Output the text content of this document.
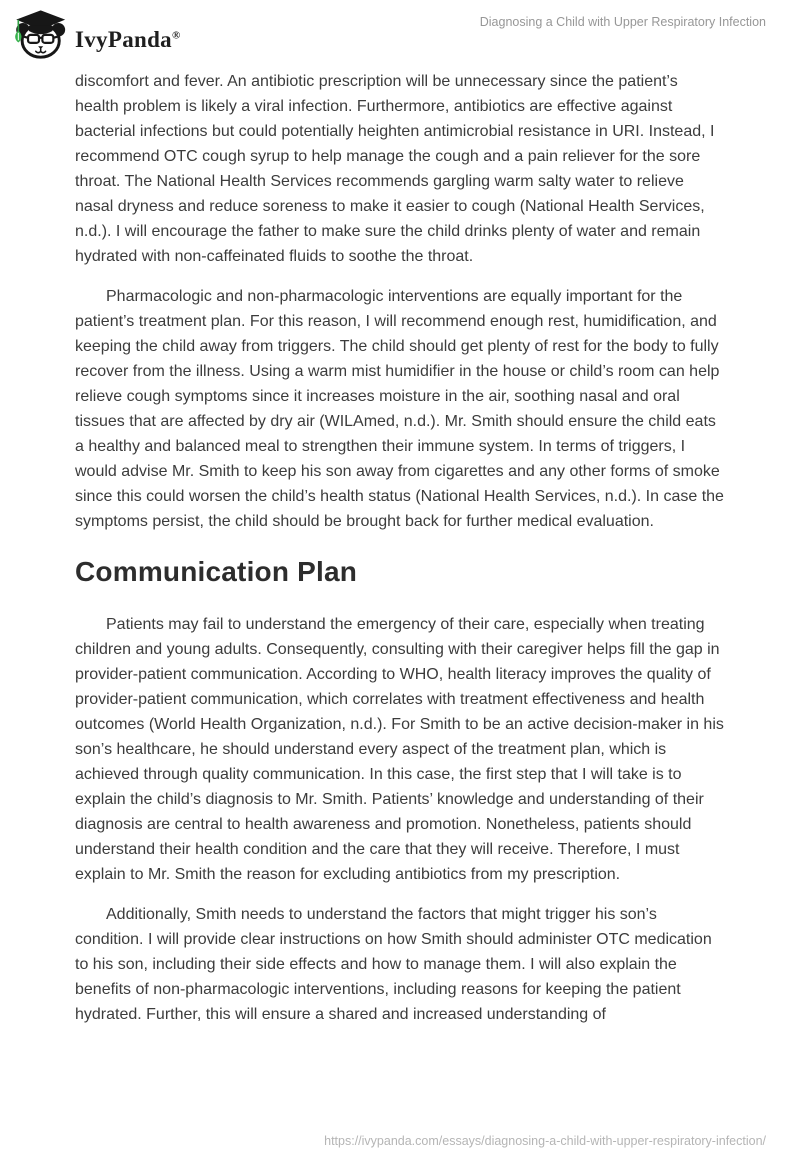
IvyPanda®
Diagnosing a Child with Upper Respiratory Infection

discomfort and fever. An antibiotic prescription will be unnecessary since the patient’s health problem is likely a viral infection. Furthermore, antibiotics are effective against bacterial infections but could potentially heighten antimicrobial resistance in URI. Instead, I recommend OTC cough syrup to help manage the cough and a pain reliever for the sore throat. The National Health Services recommends gargling warm salty water to relieve nasal dryness and reduce soreness to make it easier to cough (National Health Services, n.d.). I will encourage the father to make sure the child drinks plenty of water and remain hydrated with non-caffeinated fluids to soothe the throat.

Pharmacologic and non-pharmacologic interventions are equally important for the patient’s treatment plan. For this reason, I will recommend enough rest, humidification, and keeping the child away from triggers. The child should get plenty of rest for the body to fully recover from the illness. Using a warm mist humidifier in the house or child’s room can help relieve cough symptoms since it increases moisture in the air, soothing nasal and oral tissues that are affected by dry air (WILAmed, n.d.). Mr. Smith should ensure the child eats a healthy and balanced meal to strengthen their immune system. In terms of triggers, I would advise Mr. Smith to keep his son away from cigarettes and any other forms of smoke since this could worsen the child’s health status (National Health Services, n.d.). In case the symptoms persist, the child should be brought back for further medical evaluation.

Communication Plan

Patients may fail to understand the emergency of their care, especially when treating children and young adults. Consequently, consulting with their caregiver helps fill the gap in provider-patient communication. According to WHO, health literacy improves the quality of provider-patient communication, which correlates with treatment effectiveness and health outcomes (World Health Organization, n.d.). For Smith to be an active decision-maker in his son’s healthcare, he should understand every aspect of the treatment plan, which is achieved through quality communication. In this case, the first step that I will take is to explain the child’s diagnosis to Mr. Smith. Patients’ knowledge and understanding of their diagnosis are central to health awareness and promotion. Nonetheless, patients should understand their health condition and the care that they will receive. Therefore, I must explain to Mr. Smith the reason for excluding antibiotics from my prescription.

Additionally, Smith needs to understand the factors that might trigger his son’s condition. I will provide clear instructions on how Smith should administer OTC medication to his son, including their side effects and how to manage them. I will also explain the benefits of non-pharmacologic interventions, including reasons for keeping the patient hydrated. Further, this will ensure a shared and increased understanding of

https://ivypanda.com/essays/diagnosing-a-child-with-upper-respiratory-infection/
